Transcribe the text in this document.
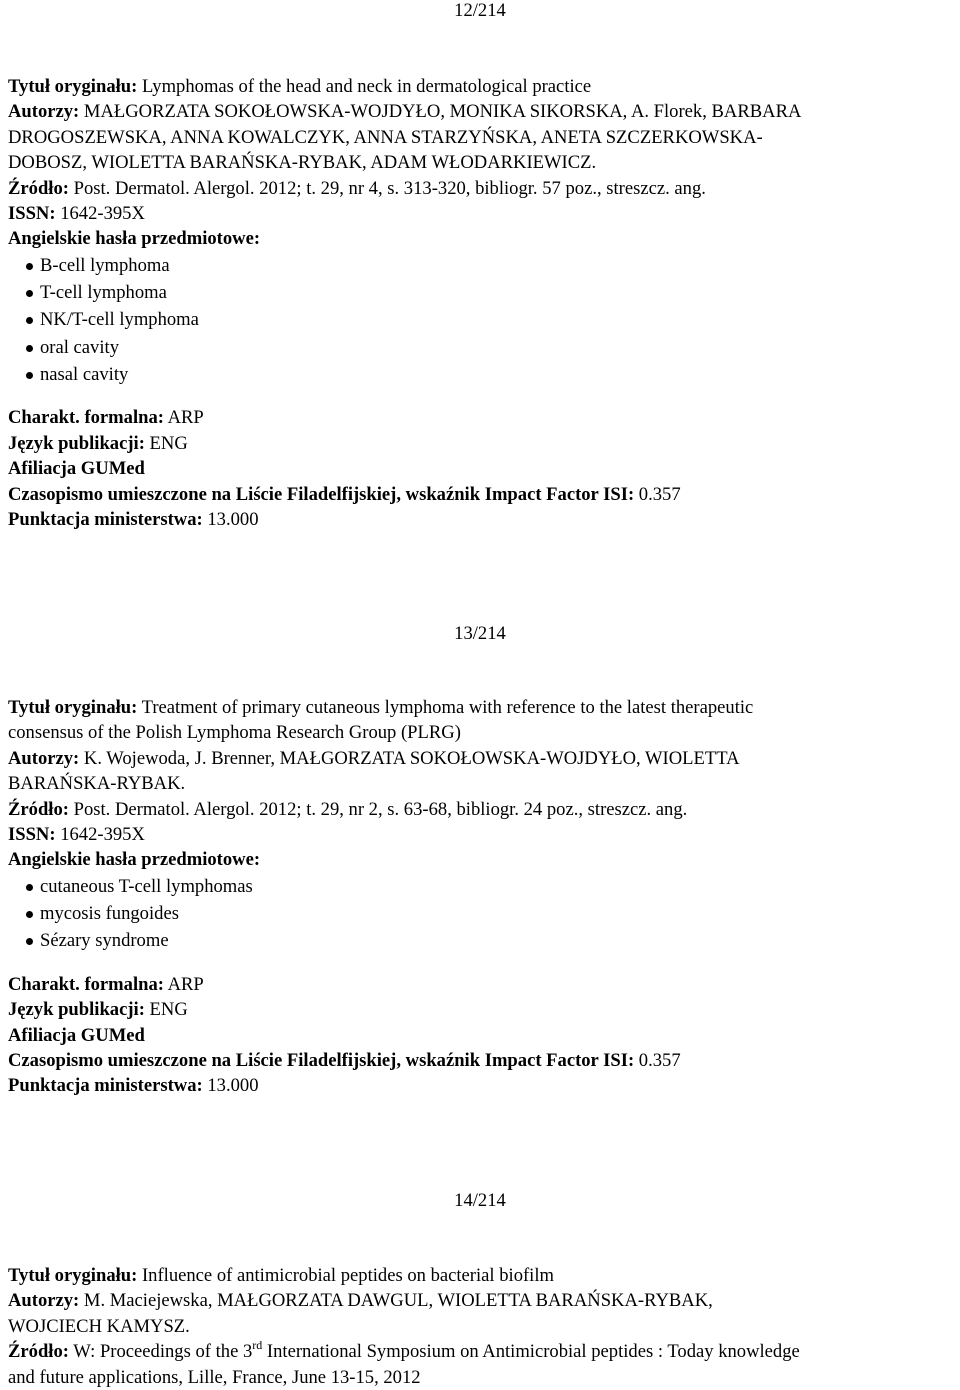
12/214
Tytuł oryginału: Lymphomas of the head and neck in dermatological practice
Autorzy: MAŁGORZATA SOKOŁOWSKA-WOJDYŁO, MONIKA SIKORSKA, A. Florek, BARBARA
DROGOSZEWSKA, ANNA KOWALCZYK, ANNA STARZYŃSKA, ANETA SZCZERKOWSKA-
DOBOSZ, WIOLETTA BARAŃSKA-RYBAK, ADAM WŁODARKIEWICZ.
Źródło: Post. Dermatol. Alergol. 2012; t. 29, nr 4, s. 313-320, bibliogr. 57 poz., streszcz. ang.
ISSN: 1642-395X
Angielskie hasła przedmiotowe:
B-cell lymphoma
T-cell lymphoma
NK/T-cell lymphoma
oral cavity
nasal cavity
Charakt. formalna: ARP
Język publikacji: ENG
Afiliacja GUMed
Czasopismo umieszczone na Liście Filadelfijskiej, wskaźnik Impact Factor ISI: 0.357
Punktacja ministerstwa: 13.000
13/214
Tytuł oryginału: Treatment of primary cutaneous lymphoma with reference to the latest therapeutic
consensus of the Polish Lymphoma Research Group (PLRG)
Autorzy: K. Wojewoda, J. Brenner, MAŁGORZATA SOKOŁOWSKA-WOJDYŁO, WIOLETTA
BARAŃSKA-RYBAK.
Źródło: Post. Dermatol. Alergol. 2012; t. 29, nr 2, s. 63-68, bibliogr. 24 poz., streszcz. ang.
ISSN: 1642-395X
Angielskie hasła przedmiotowe:
cutaneous T-cell lymphomas
mycosis fungoides
Sézary syndrome
Charakt. formalna: ARP
Język publikacji: ENG
Afiliacja GUMed
Czasopismo umieszczone na Liście Filadelfijskiej, wskaźnik Impact Factor ISI: 0.357
Punktacja ministerstwa: 13.000
14/214
Tytuł oryginału: Influence of antimicrobial peptides on bacterial biofilm
Autorzy: M. Maciejewska, MAŁGORZATA DAWGUL, WIOLETTA BARAŃSKA-RYBAK,
WOJCIECH KAMYSZ.
Źródło: W: Proceedings of the 3rd International Symposium on Antimicrobial peptides : Today knowledge
and future applications, Lille, France, June 13-15, 2012
